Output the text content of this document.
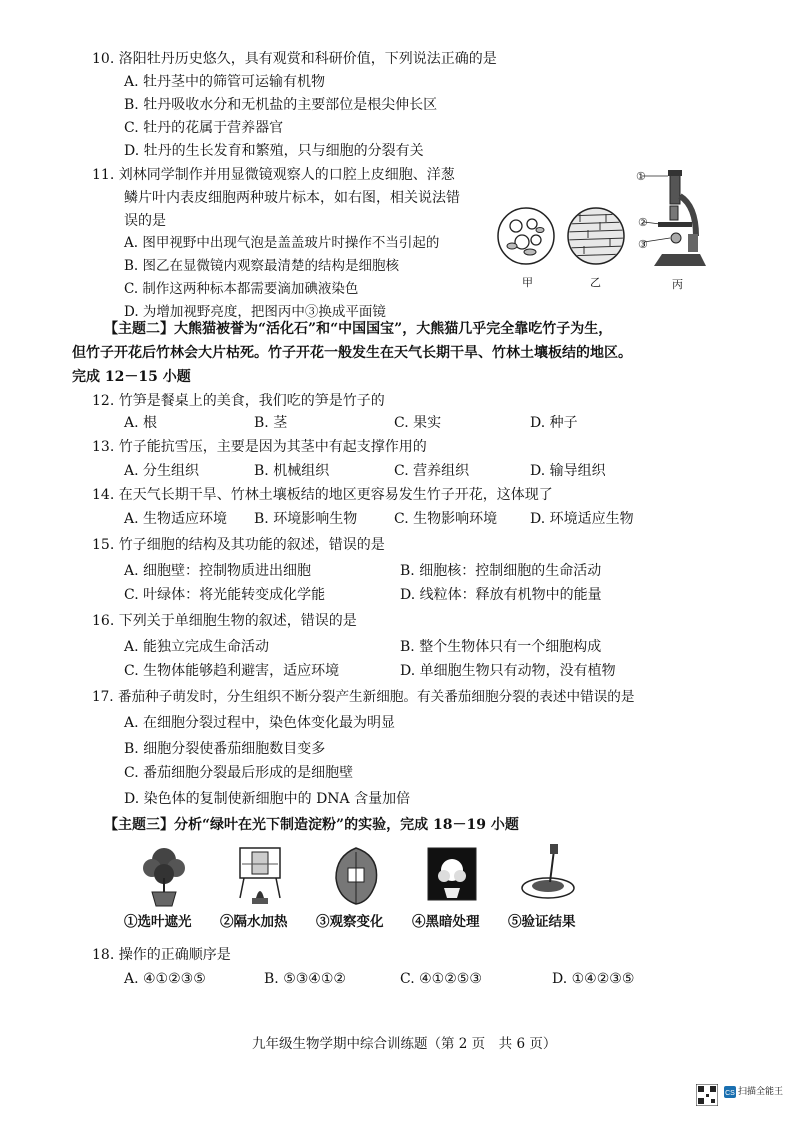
10. 洛阳牡丹历史悠久，具有观赏和科研价值，下列说法正确的是
A. 牡丹茎中的筛管可运输有机物
B. 牡丹吸收水分和无机盐的主要部位是根尖伸长区
C. 牡丹的花属于营养器官
D. 牡丹的生长发育和繁殖，只与细胞的分裂有关
11. 刘林同学制作并用显微镜观察人的口腔上皮细胞、洋葱
鳞片叶内表皮细胞两种玻片标本，如右图，相关说法错
误的是
A. 图甲视野中出现气泡是盖盖玻片时操作不当引起的
B. 图乙在显微镜内观察最清楚的结构是细胞核
C. 制作这两种标本都需要滴加碘液染色
D. 为增加视野亮度，把图丙中③换成平面镜
甲	乙
①
②
③
丙
【主题二】大熊猫被誉为“活化石”和“中国国宝”，大熊猫几乎完全靠吃竹子为生，
但竹子开花后竹林会大片枯死。竹子开花一般发生在天气长期干旱、竹林土壤板结的地区。
完成 12－15 小题
12. 竹笋是餐桌上的美食，我们吃的笋是竹子的
A. 根	B. 茎	C. 果实	D. 种子
13. 竹子能抗雪压，主要是因为其茎中有起支撑作用的
A. 分生组织	B. 机械组织	C. 营养组织	D. 输导组织
14. 在天气长期干旱、竹林土壤板结的地区更容易发生竹子开花，这体现了
A. 生物适应环境 B. 环境影响生物	C. 生物影响环境 D. 环境适应生物
15. 竹子细胞的结构及其功能的叙述，错误的是
A. 细胞壁：控制物质进出细胞	B. 细胞核：控制细胞的生命活动
C. 叶绿体：将光能转变成化学能	D. 线粒体：释放有机物中的能量
16. 下列关于单细胞生物的叙述，错误的是
A. 能独立完成生命活动	B. 整个生物体只有一个细胞构成
C. 生物体能够趋利避害，适应环境	D. 单细胞生物只有动物，没有植物
17. 番茄种子萌发时，分生组织不断分裂产生新细胞。有关番茄细胞分裂的表述中错误的是
A. 在细胞分裂过程中，染色体变化最为明显
B. 细胞分裂使番茄细胞数目变多
C. 番茄细胞分裂最后形成的是细胞壁
D. 染色体的复制使新细胞中的 DNA 含量加倍
【主题三】分析“绿叶在光下制造淀粉”的实验，完成 18－19 小题
①选叶遮光	②隔水加热	③观察变化	④黑暗处理	⑤验证结果
18. 操作的正确顺序是
A. ④①②③⑤	B. ⑤③④①②	C. ④①②⑤③	D. ①④②③⑤
九年级生物学期中综合训练题（第 2 页　共 6 页）
CS 扫描全能王
